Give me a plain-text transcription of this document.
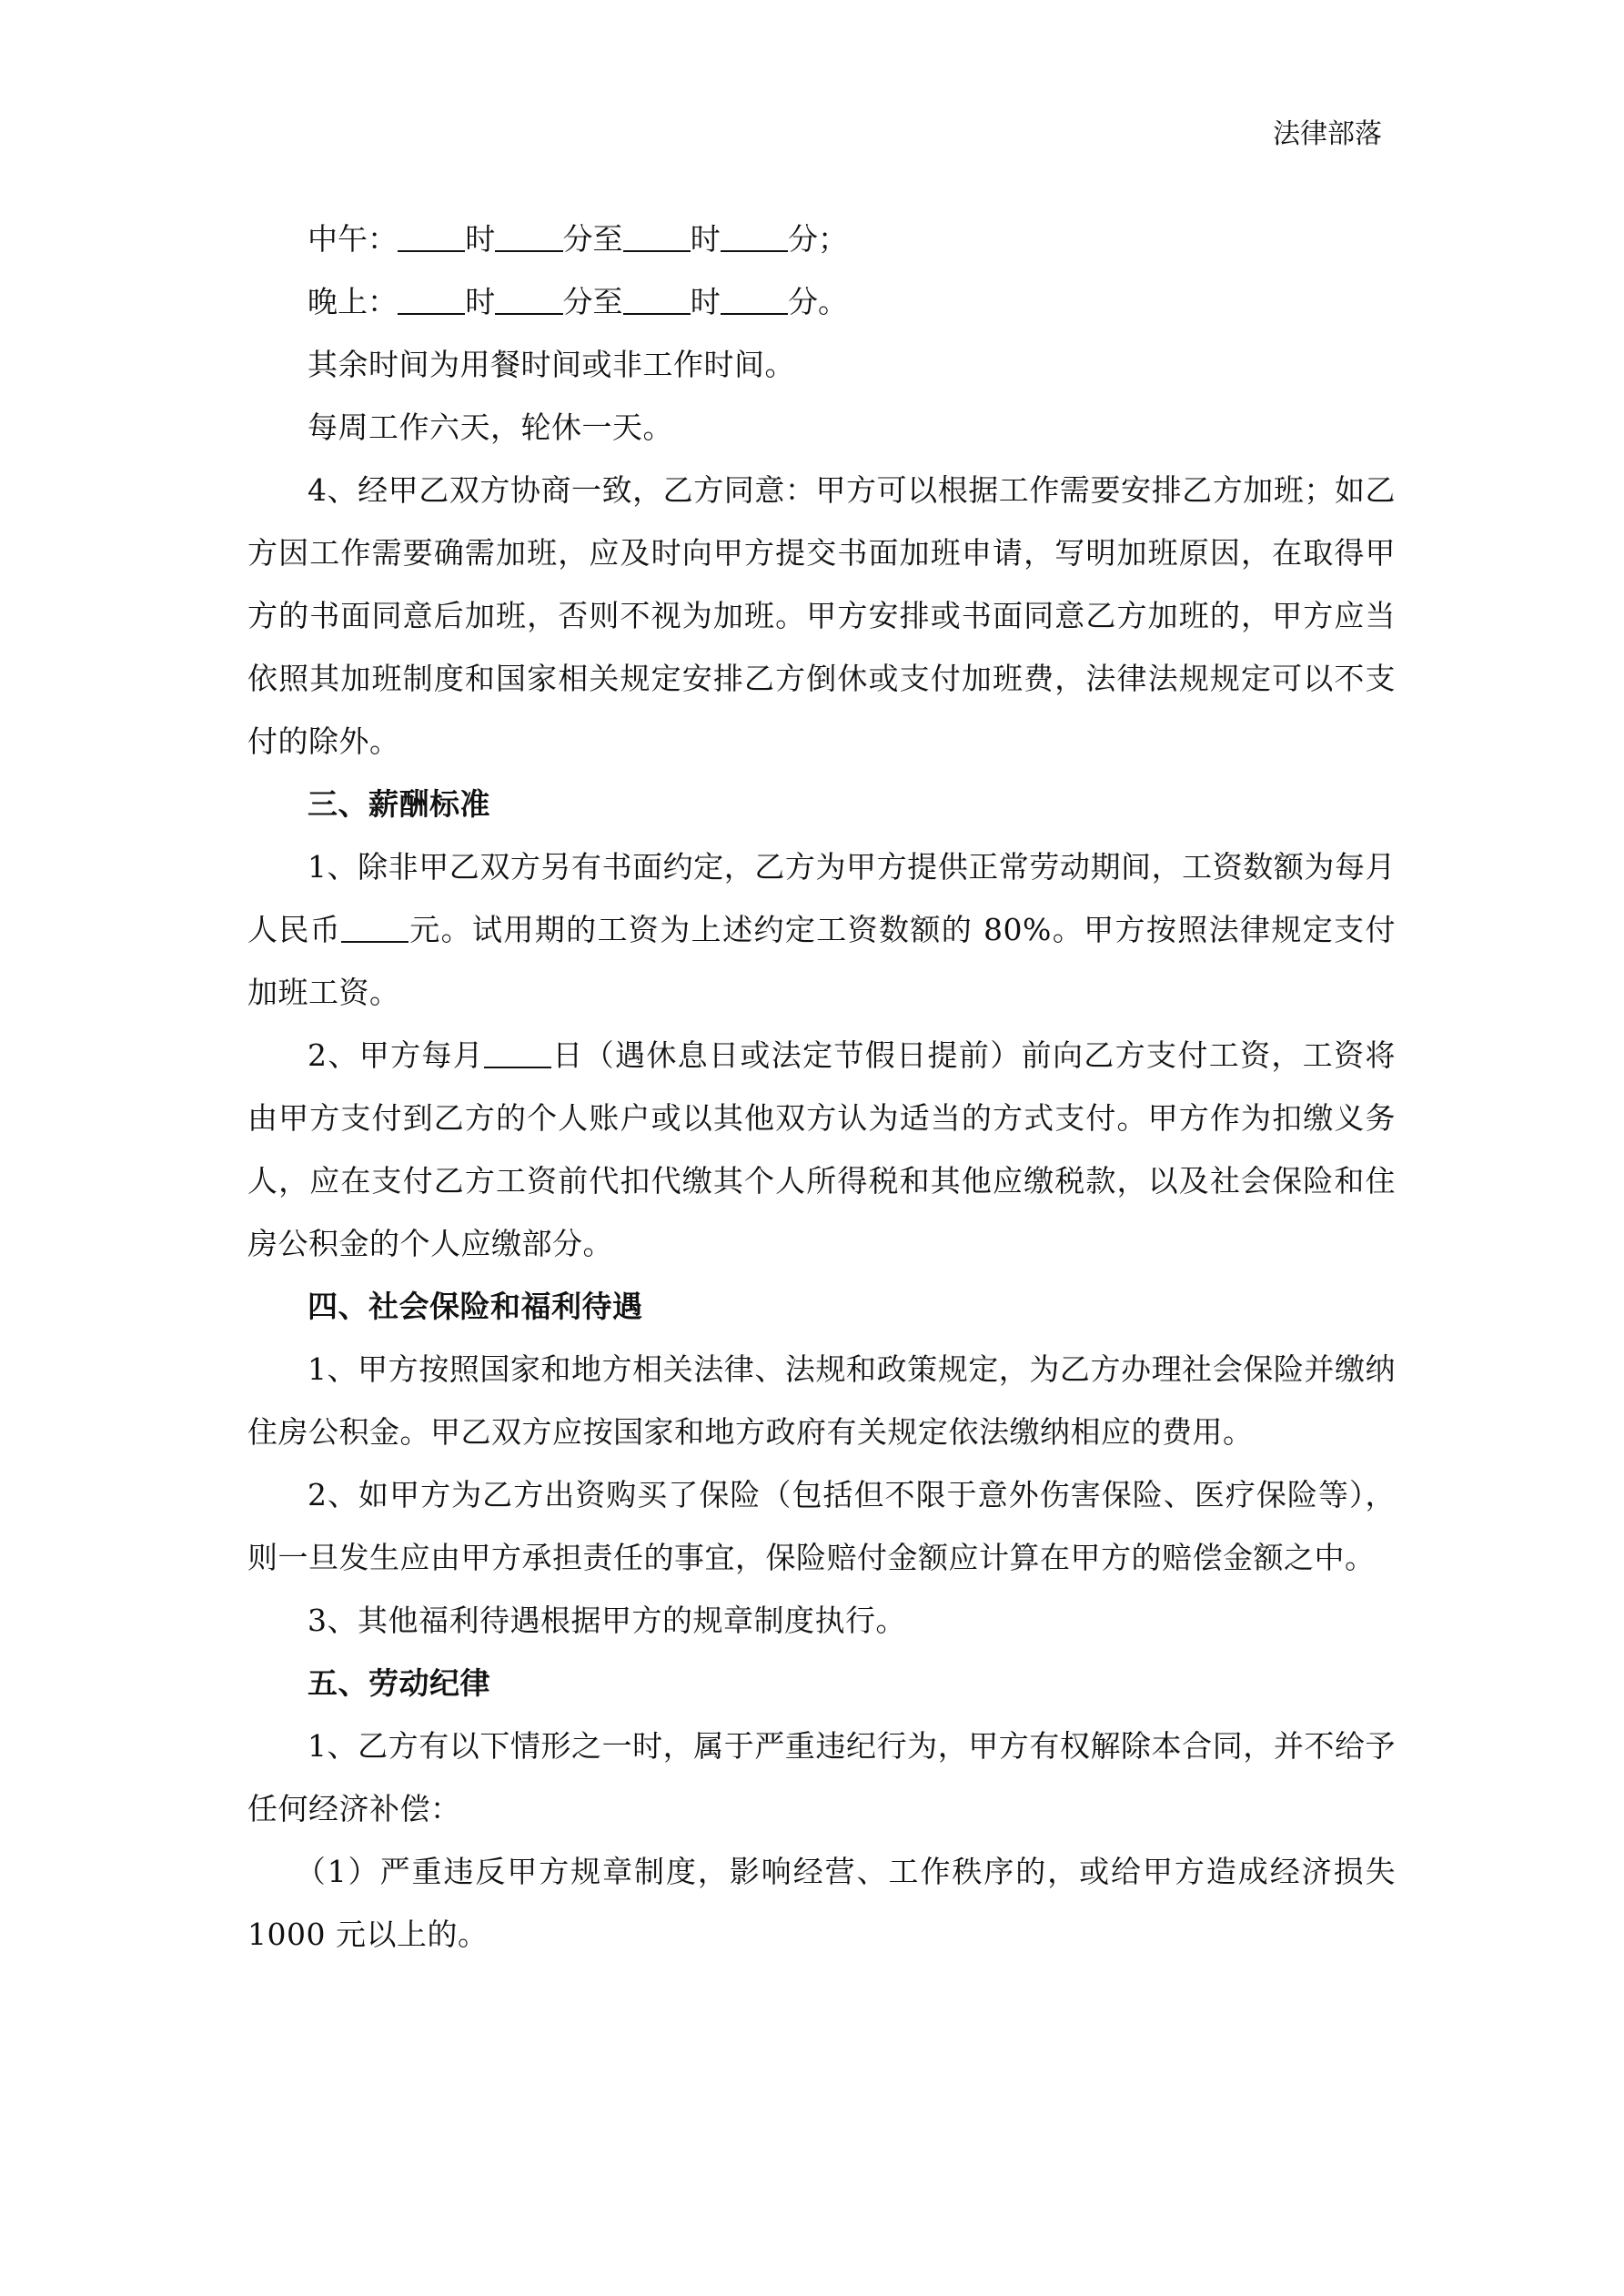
法律部落
中午： 时 分至 时 分；
晚上： 时 分至 时 分。

其余时间为用餐时间或非工作时间。

每周工作六天，轮休一天。

4、经甲乙双方协商一致，乙方同意：甲方可以根据工作需要安排乙方加班；如乙方因工作需要确需加班，应及时向甲方提交书面加班申请，写明加班原因，在取得甲方的书面同意后加班，否则不视为加班。甲方安排或书面同意乙方加班的，甲方应当依照其加班制度和国家相关规定安排乙方倒休或支付加班费，法律法规规定可以不支付的除外。

三、薪酬标准

1、除非甲乙双方另有书面约定，乙方为甲方提供正常劳动期间，工资数额为每月人民币 元。试用期的工资为上述约定工资数额的 80%。甲方按照法律规定支付加班工资。

2、甲方每月 日（遇休息日或法定节假日提前）前向乙方支付工资，工资将由甲方支付到乙方的个人账户或以其他双方认为适当的方式支付。甲方作为扣缴义务人，应在支付乙方工资前代扣代缴其个人所得税和其他应缴税款，以及社会保险和住房公积金的个人应缴部分。

四、社会保险和福利待遇

1、甲方按照国家和地方相关法律、法规和政策规定，为乙方办理社会保险并缴纳住房公积金。甲乙双方应按国家和地方政府有关规定依法缴纳相应的费用。

2、如甲方为乙方出资购买了保险（包括但不限于意外伤害保险、医疗保险等），则一旦发生应由甲方承担责任的事宜，保险赔付金额应计算在甲方的赔偿金额之中。

3、其他福利待遇根据甲方的规章制度执行。

五、劳动纪律

1、乙方有以下情形之一时，属于严重违纪行为，甲方有权解除本合同，并不给予任何经济补偿：

（1）严重违反甲方规章制度，影响经营、工作秩序的，或给甲方造成经济损失 1000 元以上的。
